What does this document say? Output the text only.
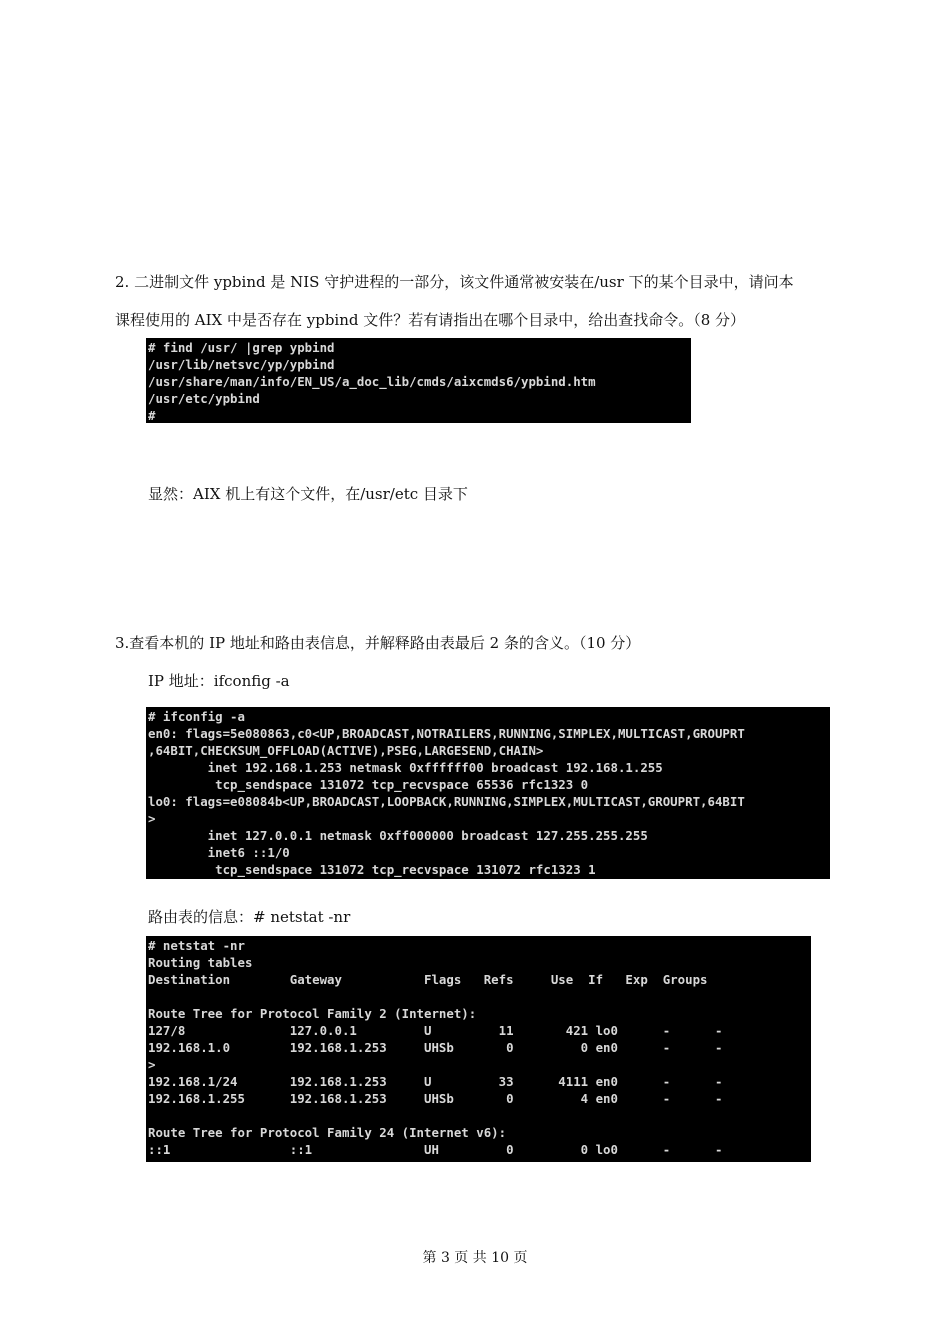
2. 二进制文件 ypbind 是 NIS 守护进程的一部分，该文件通常被安装在/usr 下的某个目录中，请问本
课程使用的 AIX 中是否存在 ypbind 文件？若有请指出在哪个目录中，给出查找命令。（8 分）
# find /usr/ |grep ypbind
/usr/lib/netsvc/yp/ypbind
/usr/share/man/info/EN_US/a_doc_lib/cmds/aixcmds6/ypbind.htm
/usr/etc/ypbind
#
显然：AIX 机上有这个文件，在/usr/etc 目录下
3.查看本机的 IP 地址和路由表信息，并解释路由表最后 2 条的含义。（10 分）
IP 地址：ifconfig -a
# ifconfig -a
en0: flags=5e080863,c0<UP,BROADCAST,NOTRAILERS,RUNNING,SIMPLEX,MULTICAST,GROUPRT
,64BIT,CHECKSUM_OFFLOAD(ACTIVE),PSEG,LARGESEND,CHAIN>
inet 192.168.1.253 netmask 0xffffff00 broadcast 192.168.1.255
tcp_sendspace 131072 tcp_recvspace 65536 rfc1323 0
lo0: flags=e08084b<UP,BROADCAST,LOOPBACK,RUNNING,SIMPLEX,MULTICAST,GROUPRT,64BIT
>
inet 127.0.0.1 netmask 0xff000000 broadcast 127.255.255.255
inet6 ::1/0
tcp_sendspace 131072 tcp_recvspace 131072 rfc1323 1
路由表的信息：# netstat -nr
# netstat -nr
Routing tables
Destination        Gateway           Flags   Refs     Use  If   Exp  Groups
Route Tree for Protocol Family 2 (Internet):
127/8              127.0.0.1         U         11       421 lo0      -      -
192.168.1.0        192.168.1.253     UHSb       0         0 en0      -      -
>
192.168.1/24       192.168.1.253     U         33      4111 en0      -      -
192.168.1.255      192.168.1.253     UHSb       0         4 en0      -      -
Route Tree for Protocol Family 24 (Internet v6):
::1                ::1               UH         0         0 lo0      -      -
第 3 页 共 10 页
